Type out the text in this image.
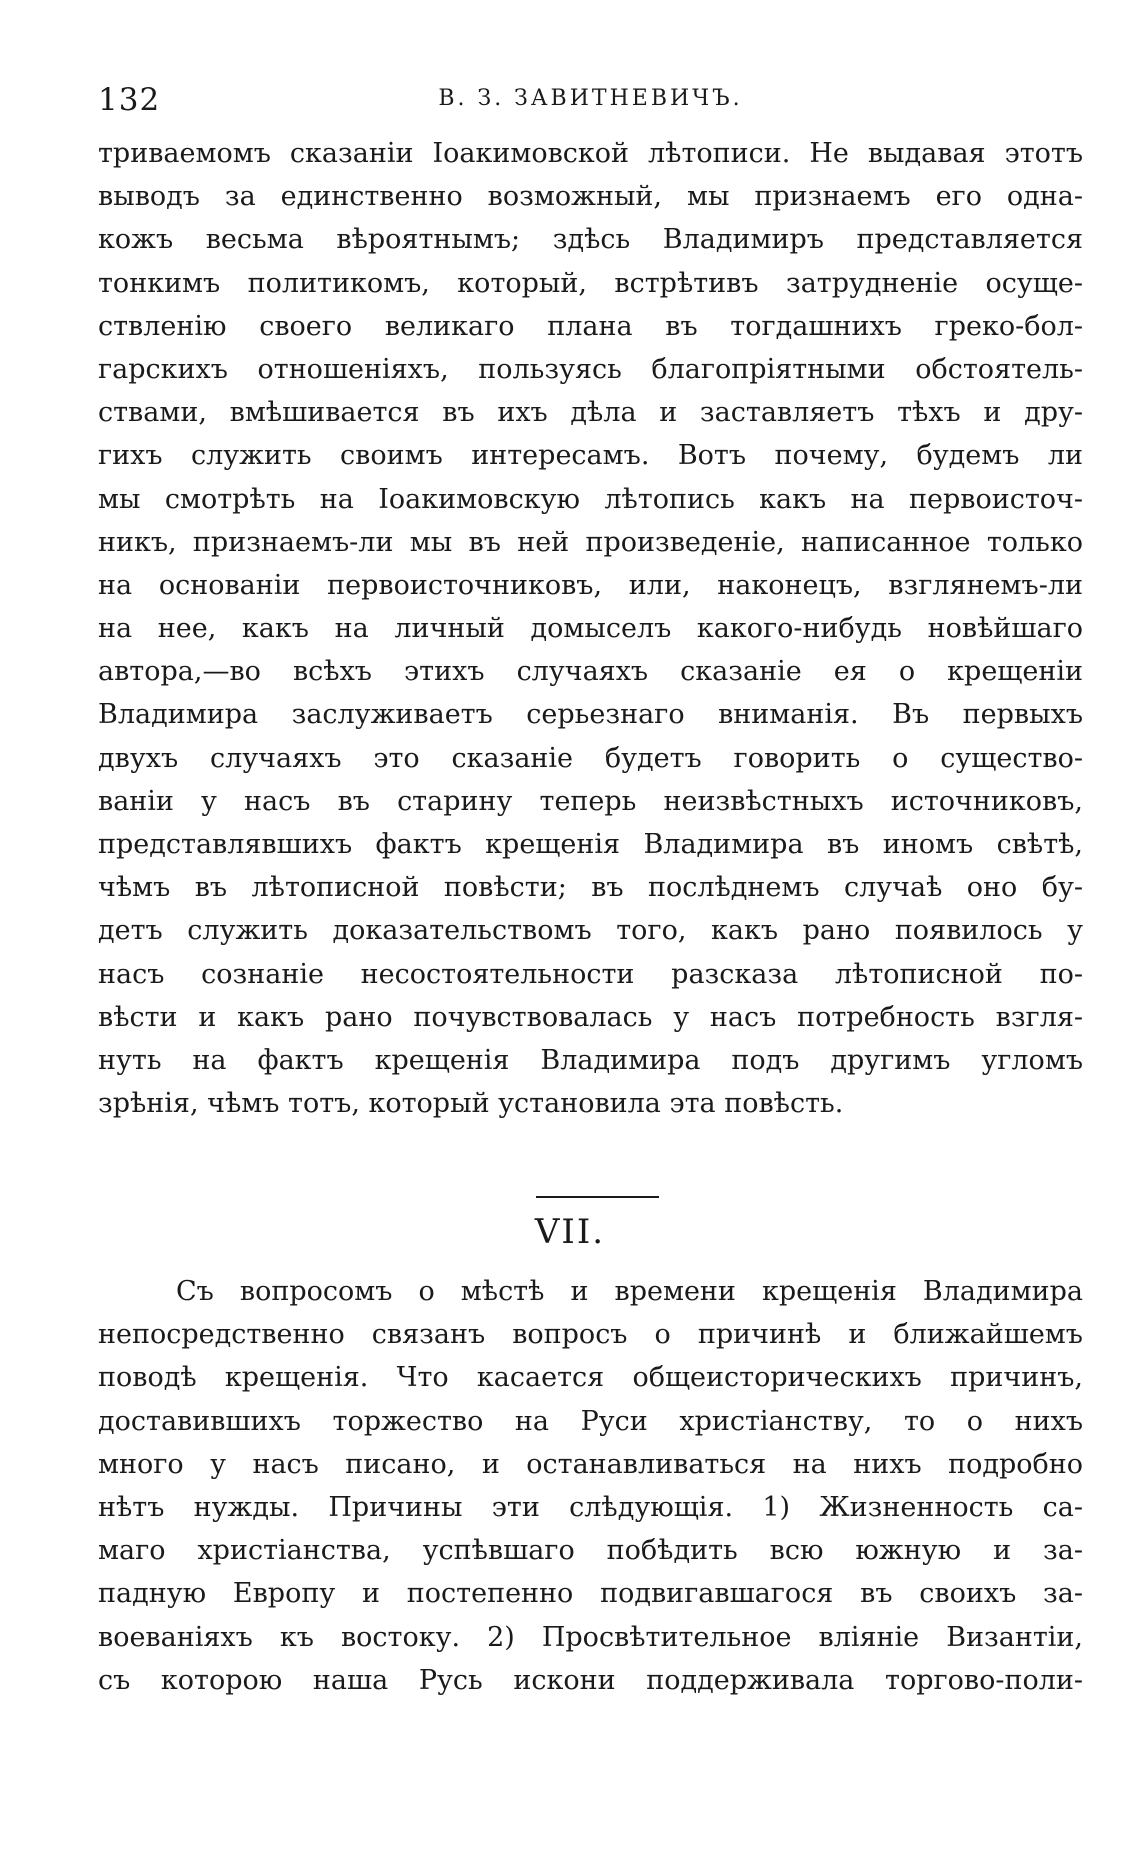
132	В. З. ЗАВИТНЕВИЧЪ.
триваемомъ сказаніи Іоакимовской лѣтописи. Не выдавая этотъ
выводъ за единственно возможный, мы признаемъ его одна-
кожъ весьма вѣроятнымъ; здѣсь Владимиръ представляется
тонкимъ политикомъ, который, встрѣтивъ затрудненіе осуще-
ствленію своего великаго плана въ тогдашнихъ греко-бол-
гарскихъ отношеніяхъ, пользуясь благопріятными обстоятель-
ствами, вмѣшивается въ ихъ дѣла и заставляетъ тѣхъ и дру-
гихъ служить своимъ интересамъ. Вотъ почему, будемъ ли
мы смотрѣть на Іоакимовскую лѣтопись какъ на первоисточ-
никъ, признаемъ-ли мы въ ней произведеніе, написанное только
на основаніи первоисточниковъ, или, наконецъ, взглянемъ-ли
на нее, какъ на личный домыселъ какого-нибудь новѣйшаго
автора,—во всѣхъ этихъ случаяхъ сказаніе ея о крещеніи
Владимира заслуживаетъ серьезнаго вниманія. Въ первыхъ
двухъ случаяхъ это сказаніе будетъ говорить о существо-
ваніи у насъ въ старину теперь неизвѣстныхъ источниковъ,
представлявшихъ фактъ крещенія Владимира въ иномъ свѣтѣ,
чѣмъ въ лѣтописной повѣсти; въ послѣднемъ случаѣ оно бу-
детъ служить доказательствомъ того, какъ рано появилось у
насъ сознаніе несостоятельности разсказа лѣтописной по-
вѣсти и какъ рано почувствовалась у насъ потребность взгля-
нуть на фактъ крещенія Владимира подъ другимъ угломъ
зрѣнія, чѣмъ тотъ, который установила эта повѣсть.
VII.
Съ вопросомъ о мѣстѣ и времени крещенія Владимира
непосредственно связанъ вопросъ о причинѣ и ближайшемъ
поводѣ крещенія. Что касается общеисторическихъ причинъ,
доставившихъ торжество на Руси христіанству, то о нихъ
много у насъ писано, и останавливаться на нихъ подробно
нѣтъ нужды. Причины эти слѣдующія. 1) Жизненность са-
маго христіанства, успѣвшаго побѣдить всю южную и за-
падную Европу и постепенно подвигавшагося въ своихъ за-
воеваніяхъ къ востоку. 2) Просвѣтительное вліяніе Византіи,
съ которою наша Русь искони поддерживала торгово-поли-
